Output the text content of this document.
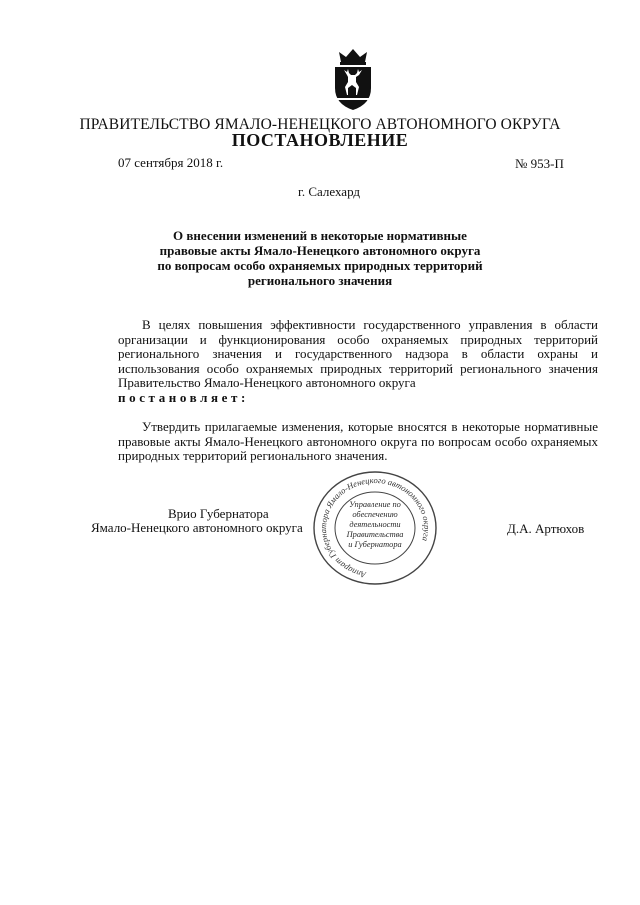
ПРАВИТЕЛЬСТВО ЯМАЛО-НЕНЕЦКОГО АВТОНОМНОГО ОКРУГА
ПОСТАНОВЛЕНИЕ
07 сентября 2018 г.	№ 953-П
г. Салехард
О внесении изменений в некоторые нормативные
правовые акты Ямало-Ненецкого автономного округа
по вопросам особо охраняемых природных территорий
регионального значения
В целях повышения эффективности государственного управления в области организации и функционирования особо охраняемых природных территорий регионального значения и государственного надзора в области охраны и использования особо охраняемых природных территорий регионального значения Правительство Ямало-Ненецкого автономного округа
постановляет:
Утвердить прилагаемые изменения, которые вносятся в некоторые нормативные правовые акты Ямало-Ненецкого автономного округа по вопросам особо охраняемых природных территорий регионального значения.
Врио Губернатора
Ямало-Ненецкого автономного округа	Д.А. Артюхов
Аппарат Губернатора Ямало-Ненецкого автономного округа
Управление по
обеспечению
деятельности
Правительства
и Губернатора
